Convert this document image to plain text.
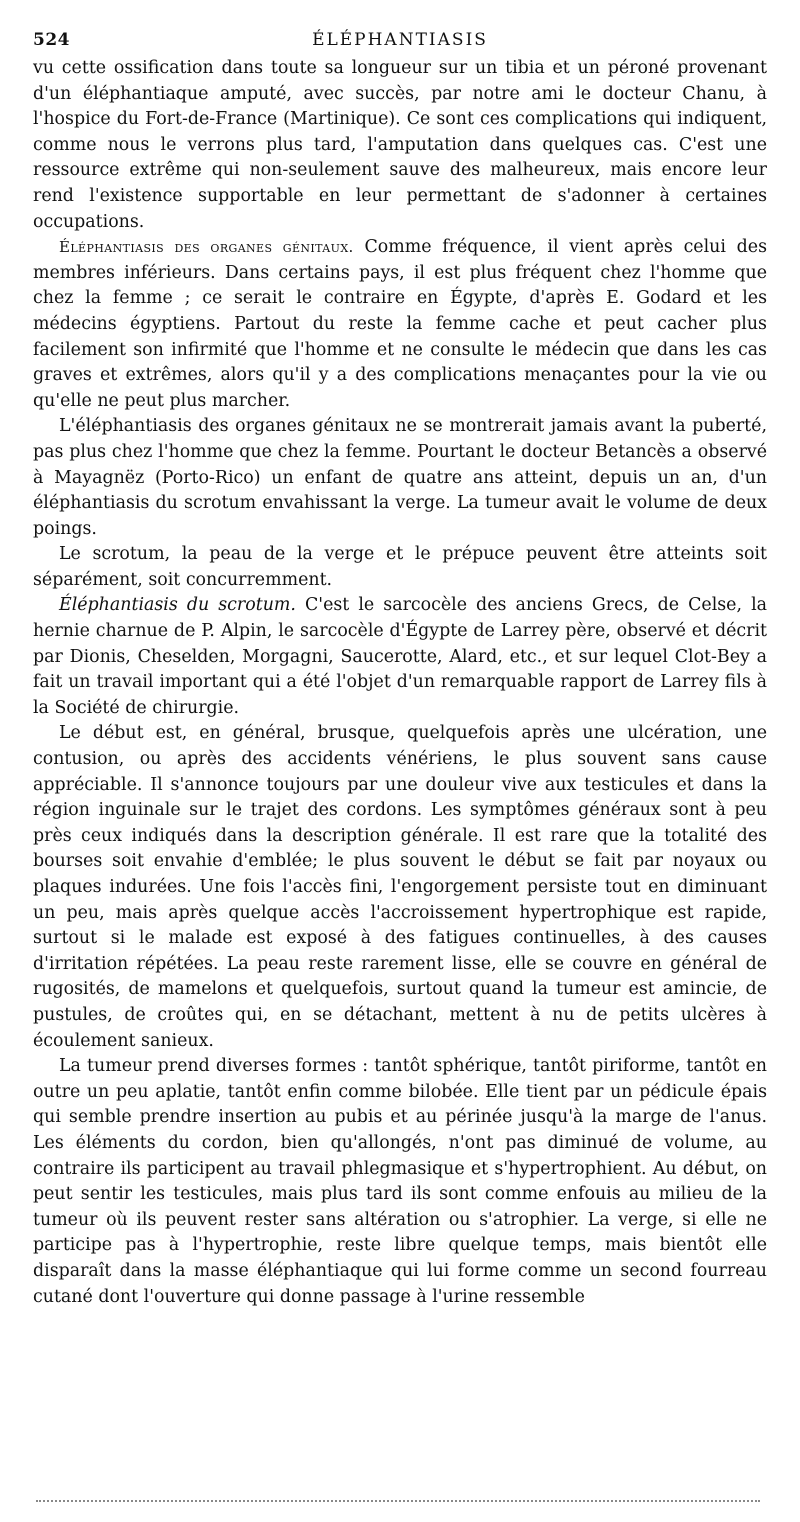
524	ÉLÉPHANTIASIS

vu cette ossification dans toute sa longueur sur un tibia et un péroné provenant d'un éléphantiaque amputé, avec succès, par notre ami le docteur Chanu, à l'hospice du Fort-de-France (Martinique). Ce sont ces complications qui indiquent, comme nous le verrons plus tard, l'amputation dans quelques cas. C'est une ressource extrême qui non-seulement sauve des malheureux, mais encore leur rend l'existence supportable en leur permettant de s'adonner à certaines occupations.

Éléphantiasis des organes génitaux. Comme fréquence, il vient après celui des membres inférieurs. Dans certains pays, il est plus fréquent chez l'homme que chez la femme ; ce serait le contraire en Égypte, d'après E. Godard et les médecins égyptiens. Partout du reste la femme cache et peut cacher plus facilement son infirmité que l'homme et ne consulte le médecin que dans les cas graves et extrêmes, alors qu'il y a des complications menaçantes pour la vie ou qu'elle ne peut plus marcher.

L'éléphantiasis des organes génitaux ne se montrerait jamais avant la puberté, pas plus chez l'homme que chez la femme. Pourtant le docteur Betancès a observé à Mayagnëz (Porto-Rico) un enfant de quatre ans atteint, depuis un an, d'un éléphantiasis du scrotum envahissant la verge. La tumeur avait le volume de deux poings.

Le scrotum, la peau de la verge et le prépuce peuvent être atteints soit séparément, soit concurremment.

Éléphantiasis du scrotum. C'est le sarcocèle des anciens Grecs, de Celse, la hernie charnue de P. Alpin, le sarcocèle d'Égypte de Larrey père, observé et décrit par Dionis, Cheselden, Morgagni, Saucerotte, Alard, etc., et sur lequel Clot-Bey a fait un travail important qui a été l'objet d'un remarquable rapport de Larrey fils à la Société de chirurgie.

Le début est, en général, brusque, quelquefois après une ulcération, une contusion, ou après des accidents vénériens, le plus souvent sans cause appréciable. Il s'annonce toujours par une douleur vive aux testicules et dans la région inguinale sur le trajet des cordons. Les symptômes généraux sont à peu près ceux indiqués dans la description générale. Il est rare que la totalité des bourses soit envahie d'emblée; le plus souvent le début se fait par noyaux ou plaques indurées. Une fois l'accès fini, l'engorgement persiste tout en diminuant un peu, mais après quelque accès l'accroissement hypertrophique est rapide, surtout si le malade est exposé à des fatigues continuelles, à des causes d'irritation répétées. La peau reste rarement lisse, elle se couvre en général de rugosités, de mamelons et quelquefois, surtout quand la tumeur est amincie, de pustules, de croûtes qui, en se détachant, mettent à nu de petits ulcères à écoulement sanieux.

La tumeur prend diverses formes : tantôt sphérique, tantôt piriforme, tantôt en outre un peu aplatie, tantôt enfin comme bilobée. Elle tient par un pédicule épais qui semble prendre insertion au pubis et au périnée jusqu'à la marge de l'anus. Les éléments du cordon, bien qu'allongés, n'ont pas diminué de volume, au contraire ils participent au travail phlegmasique et s'hypertrophient. Au début, on peut sentir les testicules, mais plus tard ils sont comme enfouis au milieu de la tumeur où ils peuvent rester sans altération ou s'atrophier. La verge, si elle ne participe pas à l'hypertrophie, reste libre quelque temps, mais bientôt elle disparaît dans la masse éléphantiaque qui lui forme comme un second fourreau cutané dont l'ouverture qui donne passage à l'urine ressemble
